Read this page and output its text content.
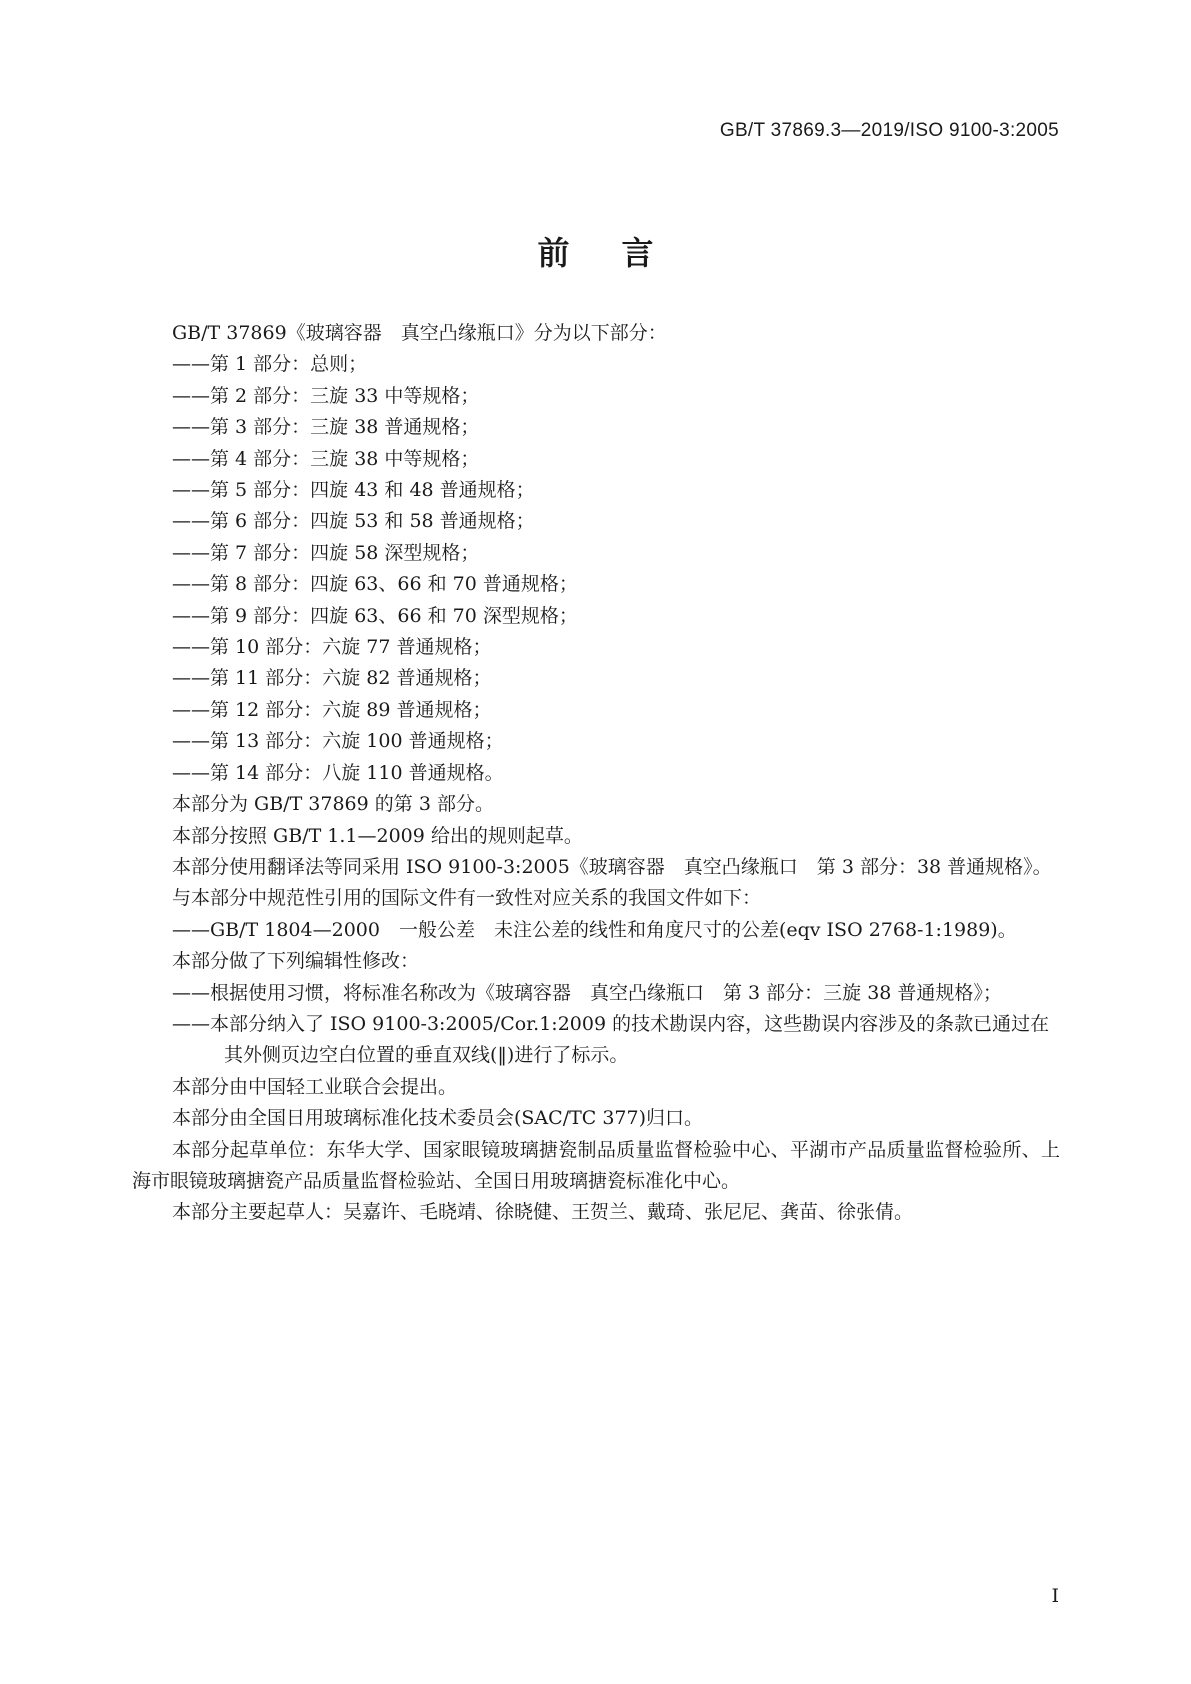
GB/T 37869.3—2019/ISO 9100-3:2005
前言

GB/T 37869《玻璃容器　真空凸缘瓶口》分为以下部分：

——第 1 部分：总则；

——第 2 部分：三旋 33 中等规格；

——第 3 部分：三旋 38 普通规格；

——第 4 部分：三旋 38 中等规格；

——第 5 部分：四旋 43 和 48 普通规格；

——第 6 部分：四旋 53 和 58 普通规格；

——第 7 部分：四旋 58 深型规格；

——第 8 部分：四旋 63、66 和 70 普通规格；

——第 9 部分：四旋 63、66 和 70 深型规格；

——第 10 部分：六旋 77 普通规格；

——第 11 部分：六旋 82 普通规格；

——第 12 部分：六旋 89 普通规格；

——第 13 部分：六旋 100 普通规格；

——第 14 部分：八旋 110 普通规格。

本部分为 GB/T 37869 的第 3 部分。

本部分按照 GB/T 1.1—2009 给出的规则起草。

本部分使用翻译法等同采用 ISO 9100-3:2005《玻璃容器　真空凸缘瓶口　第 3 部分：38 普通规格》。

与本部分中规范性引用的国际文件有一致性对应关系的我国文件如下：

——GB/T 1804—2000　一般公差　未注公差的线性和角度尺寸的公差(eqv ISO 2768-1:1989)。

本部分做了下列编辑性修改：

——根据使用习惯，将标准名称改为《玻璃容器　真空凸缘瓶口　第 3 部分：三旋 38 普通规格》；

——本部分纳入了 ISO 9100-3:2005/Cor.1:2009 的技术勘误内容，这些勘误内容涉及的条款已通过在其外侧页边空白位置的垂直双线(‖)进行了标示。

本部分由中国轻工业联合会提出。

本部分由全国日用玻璃标准化技术委员会(SAC/TC 377)归口。

本部分起草单位：东华大学、国家眼镜玻璃搪瓷制品质量监督检验中心、平湖市产品质量监督检验所、上海市眼镜玻璃搪瓷产品质量监督检验站、全国日用玻璃搪瓷标准化中心。

本部分主要起草人：吴嘉许、毛晓靖、徐晓健、王贺兰、戴琦、张尼尼、龚苗、徐张倩。

I
